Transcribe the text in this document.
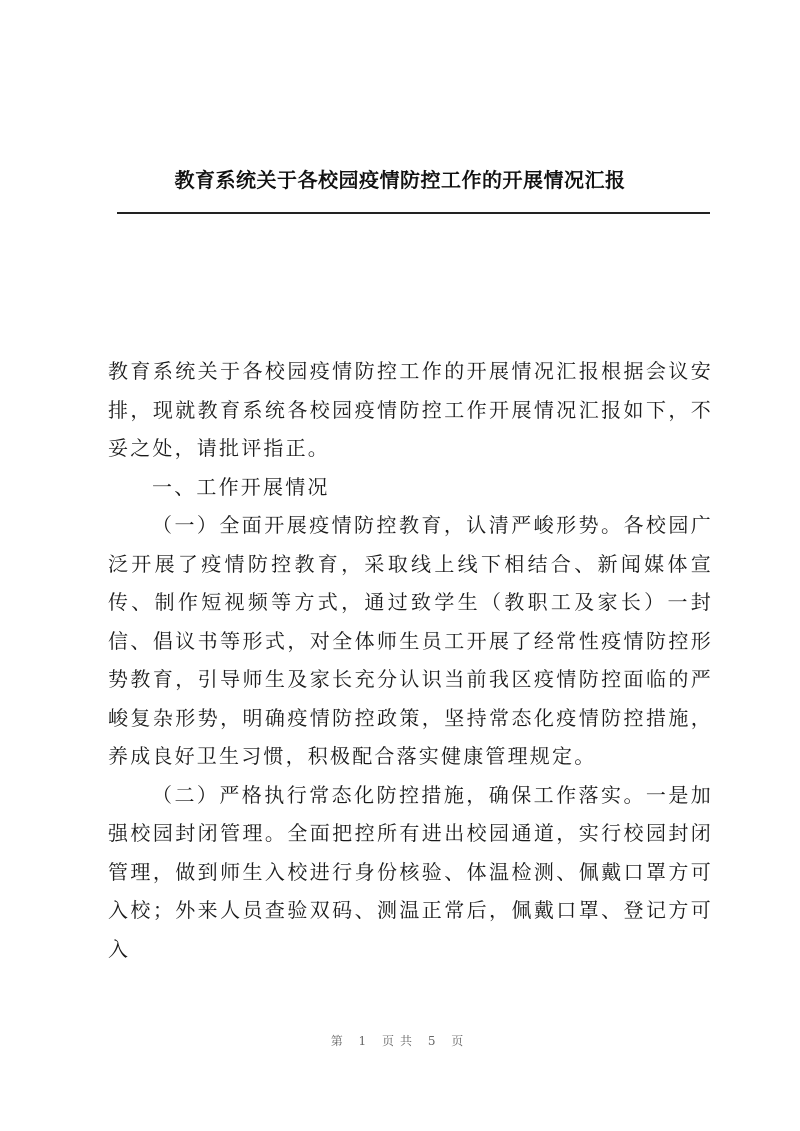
教育系统关于各校园疫情防控工作的开展情况汇报

教育系统关于各校园疫情防控工作的开展情况汇报根据会议安排，现就教育系统各校园疫情防控工作开展情况汇报如下，不妥之处，请批评指正。

一、工作开展情况

（一）全面开展疫情防控教育，认清严峻形势。各校园广泛开展了疫情防控教育，采取线上线下相结合、新闻媒体宣传、制作短视频等方式，通过致学生（教职工及家长）一封信、倡议书等形式，对全体师生员工开展了经常性疫情防控形势教育，引导师生及家长充分认识当前我区疫情防控面临的严峻复杂形势，明确疫情防控政策，坚持常态化疫情防控措施，养成良好卫生习惯，积极配合落实健康管理规定。

（二）严格执行常态化防控措施，确保工作落实。一是加强校园封闭管理。全面把控所有进出校园通道，实行校园封闭管理，做到师生入校进行身份核验、体温检测、佩戴口罩方可入校；外来人员查验双码、测温正常后，佩戴口罩、登记方可入

第 1 页共 5 页
